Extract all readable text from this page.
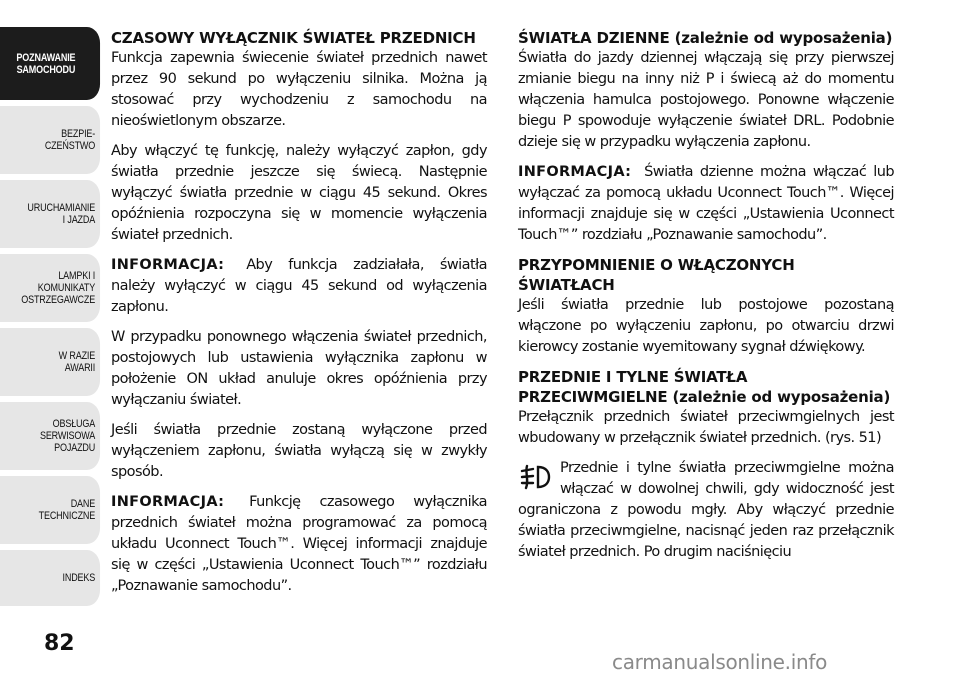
POZNAWANIE
SAMOCHODU
BEZPIE-
CZEŃSTWO
URUCHAMIANIE
I JAZDA
LAMPKI I
KOMUNIKATY
OSTRZEGAWCZE
W RAZIE
AWARII
OBSŁUGA
SERWISOWA
POJAZDU
DANE
TECHNICZNE
INDEKS
82
CZASOWY WYŁĄCZNIK ŚWIATEŁ PRZEDNICH

Funkcja zapewnia świecenie świateł przednich nawet przez 90 sekund po wyłączeniu silnika. Można ją stosować przy wychodzeniu z samochodu na nieoświetlonym obszarze.

Aby włączyć tę funkcję, należy wyłączyć zapłon, gdy światła przednie jeszcze się świecą. Następnie wyłączyć światła przednie w ciągu 45 sekund. Okres opóźnienia rozpoczyna się w momencie wyłączenia świateł przednich.

INFORMACJA: Aby funkcja zadziałała, światła należy wyłączyć w ciągu 45 sekund od wyłączenia zapłonu.

W przypadku ponownego włączenia świateł przednich, postojowych lub ustawienia wyłącznika zapłonu w położenie ON układ anuluje okres opóźnienia przy wyłączaniu świateł.

Jeśli światła przednie zostaną wyłączone przed wyłączeniem zapłonu, światła wyłączą się w zwykły sposób.

INFORMACJA: Funkcję czasowego wyłącznika przednich świateł można programować za pomocą układu Uconnect Touch™. Więcej informacji znajduje się w części „Ustawienia Uconnect Touch™” rozdziału „Poznawanie samochodu”.

ŚWIATŁA DZIENNE (zależnie od wyposażenia)

Światła do jazdy dziennej włączają się przy pierwszej zmianie biegu na inny niż P i świecą aż do momentu włączenia hamulca postojowego. Ponowne włączenie biegu P spowoduje wyłączenie świateł DRL. Podobnie dzieje się w przypadku wyłączenia zapłonu.

INFORMACJA: Światła dzienne można włączać lub wyłączać za pomocą układu Uconnect Touch™. Więcej informacji znajduje się w części „Ustawienia Uconnect Touch™” rozdziału „Poznawanie samochodu”.

PRZYPOMNIENIE O WŁĄCZONYCH ŚWIATŁACH

Jeśli światła przednie lub postojowe pozostaną włączone po wyłączeniu zapłonu, po otwarciu drzwi kierowcy zostanie wyemitowany sygnał dźwiękowy.

PRZEDNIE I TYLNE ŚWIATŁA PRZECIWMGIELNE (zależnie od wyposażenia)

Przełącznik przednich świateł przeciwmgielnych jest wbudowany w przełącznik świateł przednich. (rys. 51)

Przednie i tylne światła przeciwmgielne można włączać w dowolnej chwili, gdy widoczność jest ograniczona z powodu mgły. Aby włączyć przednie światła przeciwmgielne, nacisnąć jeden raz przełącznik świateł przednich. Po drugim naciśnięciu

carmanualsonline.info
